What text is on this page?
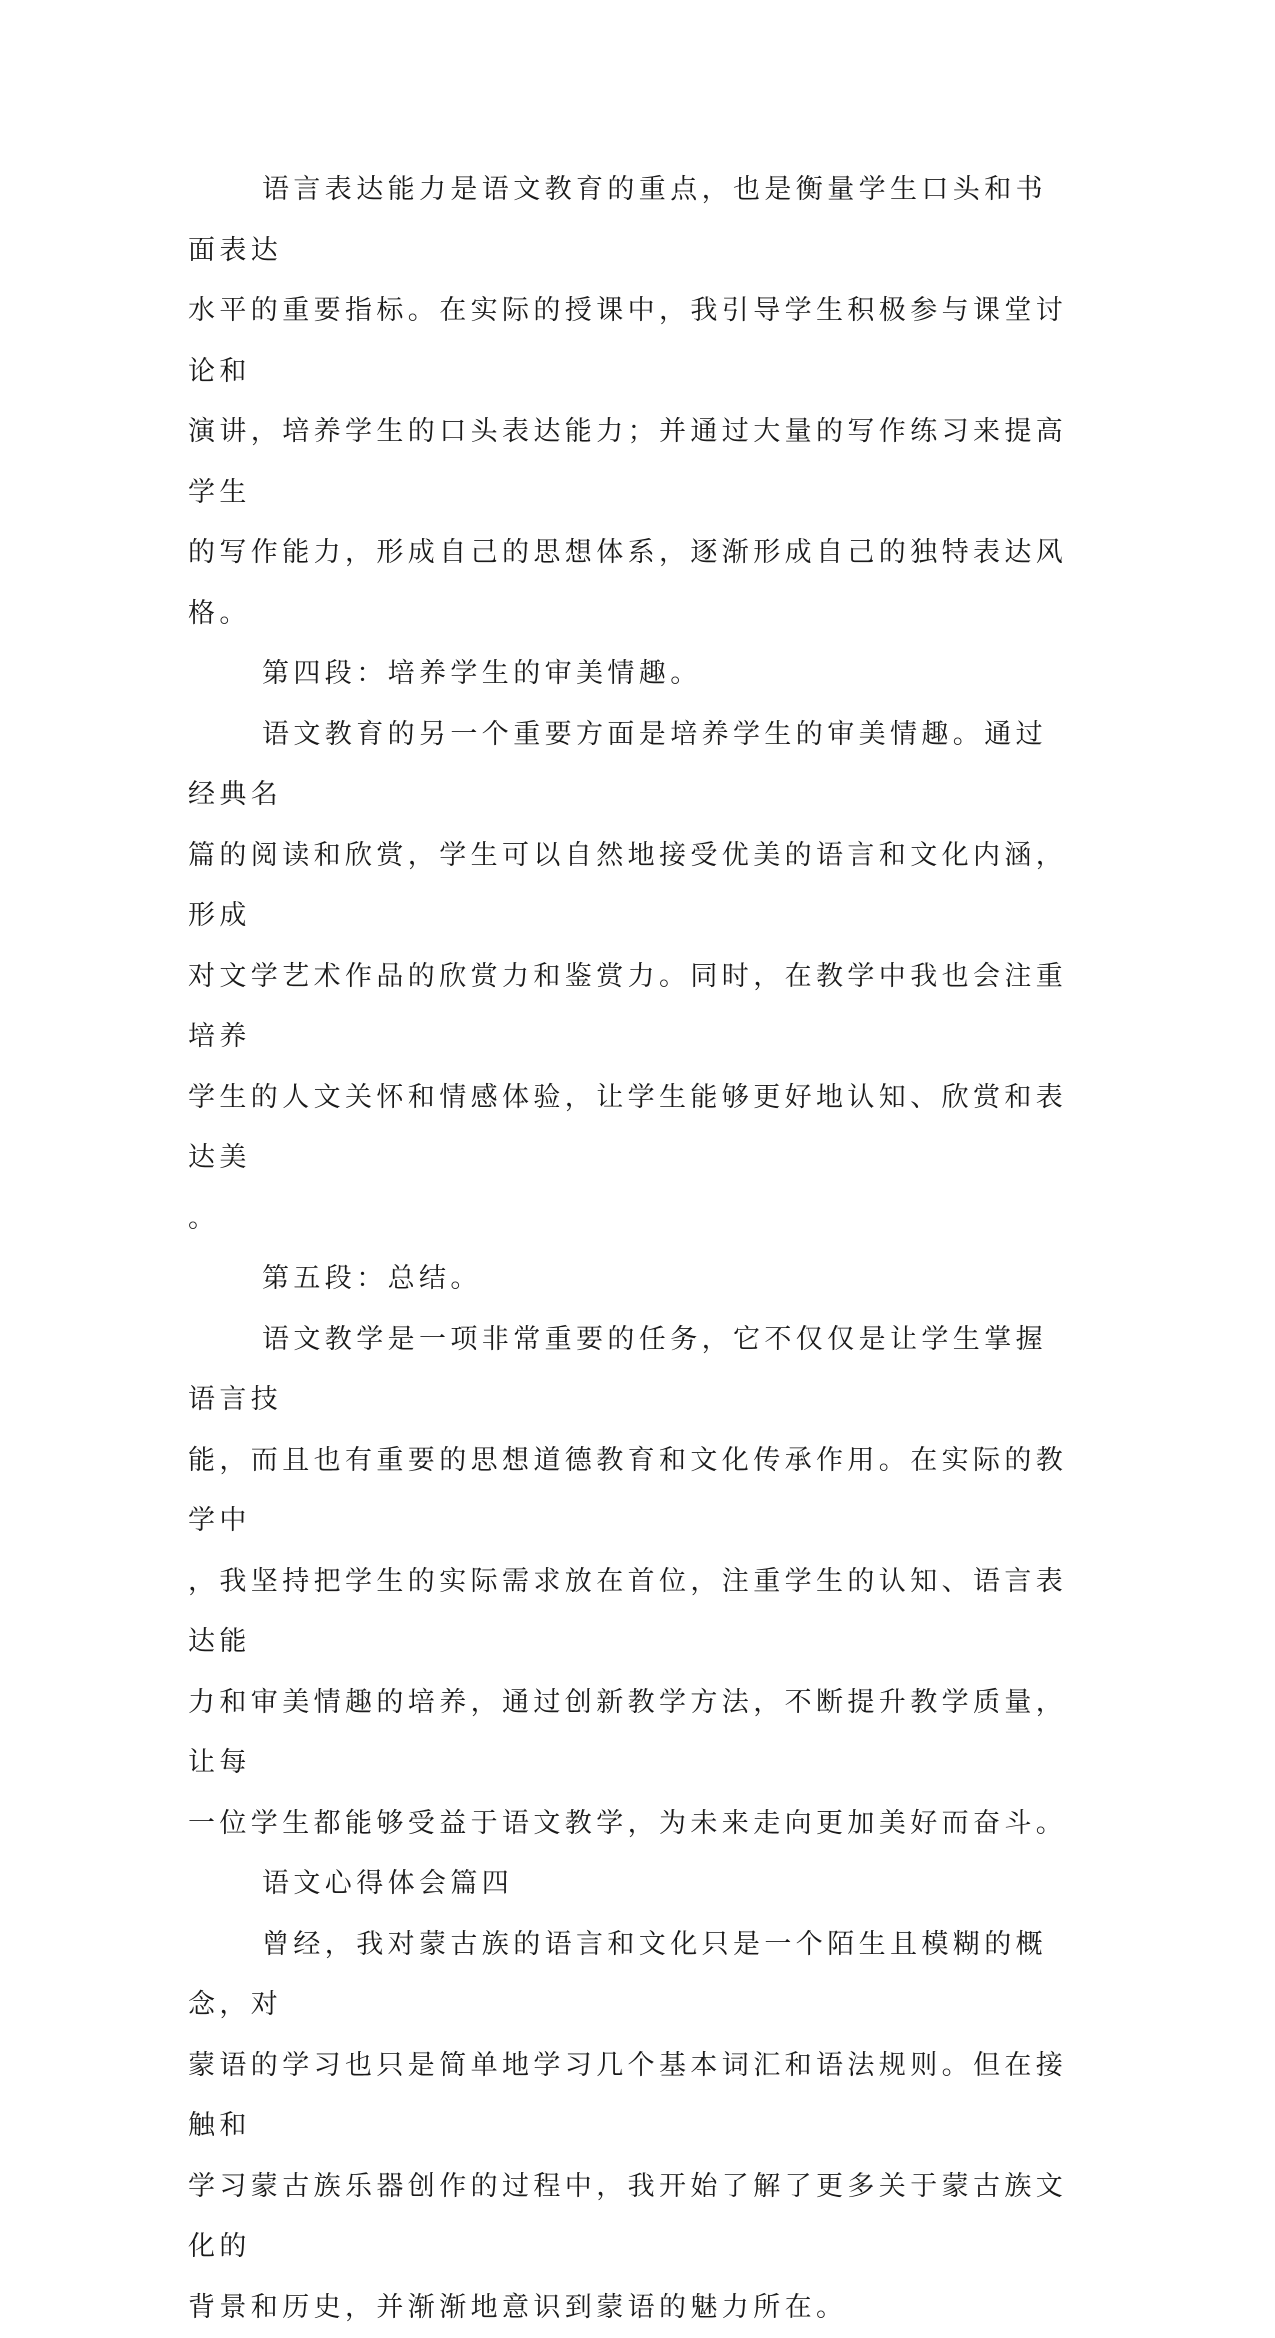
语言表达能力是语文教育的重点，也是衡量学生口头和书面表达
水平的重要指标。在实际的授课中，我引导学生积极参与课堂讨论和
演讲，培养学生的口头表达能力；并通过大量的写作练习来提高学生
的写作能力，形成自己的思想体系，逐渐形成自己的独特表达风格。

第四段：培养学生的审美情趣。

语文教育的另一个重要方面是培养学生的审美情趣。通过经典名
篇的阅读和欣赏，学生可以自然地接受优美的语言和文化内涵，形成
对文学艺术作品的欣赏力和鉴赏力。同时，在教学中我也会注重培养
学生的人文关怀和情感体验，让学生能够更好地认知、欣赏和表达美
。

第五段：总结。

语文教学是一项非常重要的任务，它不仅仅是让学生掌握语言技
能，而且也有重要的思想道德教育和文化传承作用。在实际的教学中
，我坚持把学生的实际需求放在首位，注重学生的认知、语言表达能
力和审美情趣的培养，通过创新教学方法，不断提升教学质量，让每
一位学生都能够受益于语文教学，为未来走向更加美好而奋斗。

语文心得体会篇四

曾经，我对蒙古族的语言和文化只是一个陌生且模糊的概念，对
蒙语的学习也只是简单地学习几个基本词汇和语法规则。但在接触和
学习蒙古族乐器创作的过程中，我开始了解了更多关于蒙古族文化的
背景和历史，并渐渐地意识到蒙语的魅力所在。
